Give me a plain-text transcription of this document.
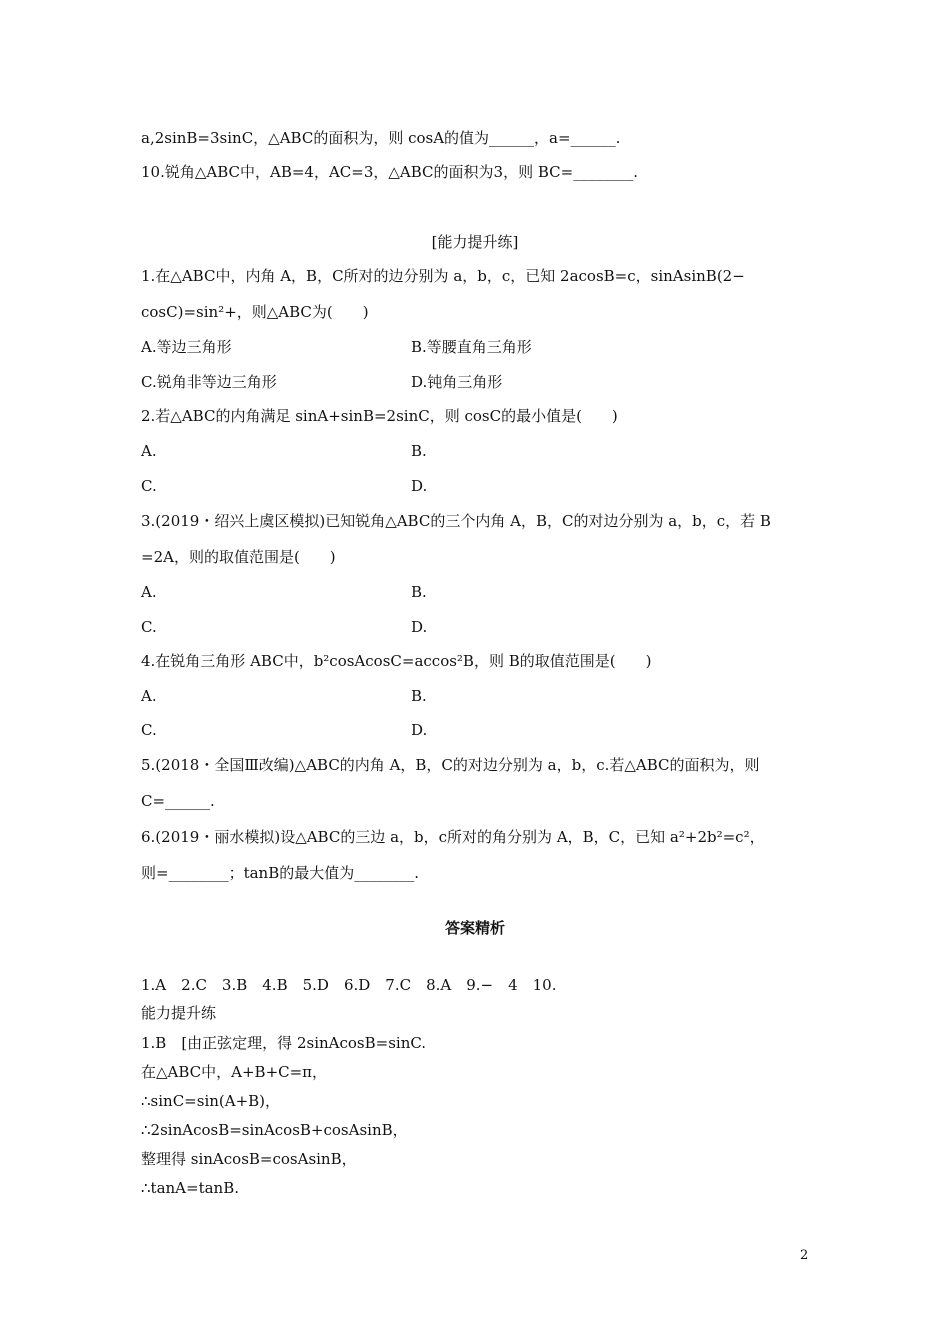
a,2sinB=3sinC，△ABC的面积为，则 cosA的值为______，a=______.
10.锐角△ABC中，AB=4，AC=3，△ABC的面积为3，则 BC=________.
[能力提升练]
1.在△ABC中，内角 A，B，C所对的边分别为 a，b，c，已知 2acosB=c，sinAsinB(2−
cosC)=sin²+，则△ABC为(　　)
A.等边三角形	B.等腰直角三角形
C.锐角非等边三角形	D.钝角三角形
2.若△ABC的内角满足 sinA+sinB=2sinC，则 cosC的最小值是(　　)
A.	B.
C.	D.
3.(2019・绍兴上虞区模拟)已知锐角△ABC的三个内角 A，B，C的对边分别为 a，b，c，若 B
=2A，则的取值范围是(　　)
A.	B.
C.	D.
4.在锐角三角形 ABC中，b²cosAcosC=accos²B，则 B的取值范围是(　　)
A.	B.
C.	D.
5.(2018・全国Ⅲ改编)△ABC的内角 A，B，C的对边分别为 a，b，c.若△ABC的面积为，则
C=______.
6.(2019・丽水模拟)设△ABC的三边 a，b，c所对的角分别为 A，B，C，已知 a²+2b²=c²，
则=________；tanB的最大值为________.
答案精析
1.A　2.C　3.B　4.B　5.D　6.D　7.C　8.A　9.−　4　10.
能力提升练
1.B　[由正弦定理，得 2sinAcosB=sinC.
在△ABC中，A+B+C=π，
∴sinC=sin(A+B)，
∴2sinAcosB=sinAcosB+cosAsinB，
整理得 sinAcosB=cosAsinB，
∴tanA=tanB.
2
